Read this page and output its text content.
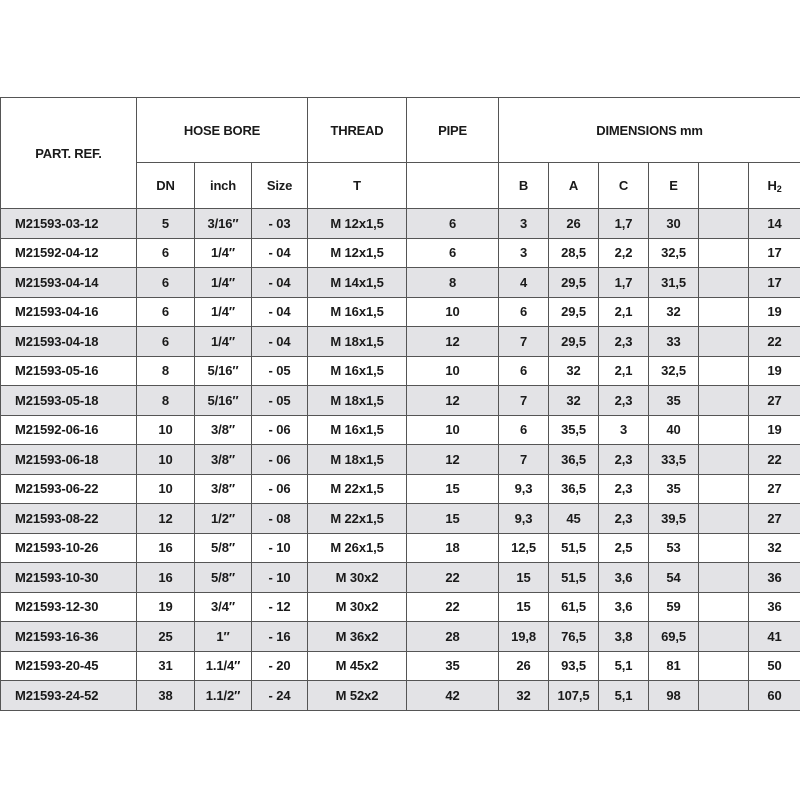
PART. REF.	HOSE BORE			THREAD	PIPE	DIMENSIONS mm					
	DN	inch	Size	T		B	A	C	E		$H_2$
M21593-03-12	5	3/16″	- 03	M 12x1,5	6	3	26	1,7	30		14
M21592-04-12	6	1/4″	- 04	M 12x1,5	6	3	28,5	2,2	32,5		17
M21593-04-14	6	1/4″	- 04	M 14x1,5	8	4	29,5	1,7	31,5		17
M21593-04-16	6	1/4″	- 04	M 16x1,5	10	6	29,5	2,1	32		19
M21593-04-18	6	1/4″	- 04	M 18x1,5	12	7	29,5	2,3	33		22
M21593-05-16	8	5/16″	- 05	M 16x1,5	10	6	32	2,1	32,5		19
M21593-05-18	8	5/16″	- 05	M 18x1,5	12	7	32	2,3	35		27
M21592-06-16	10	3/8″	- 06	M 16x1,5	10	6	35,5	3	40		19
M21593-06-18	10	3/8″	- 06	M 18x1,5	12	7	36,5	2,3	33,5		22
M21593-06-22	10	3/8″	- 06	M 22x1,5	15	9,3	36,5	2,3	35		27
M21593-08-22	12	1/2″	- 08	M 22x1,5	15	9,3	45	2,3	39,5		27
M21593-10-26	16	5/8″	- 10	M 26x1,5	18	12,5	51,5	2,5	53		32
M21593-10-30	16	5/8″	- 10	M 30x2	22	15	51,5	3,6	54		36
M21593-12-30	19	3/4″	- 12	M 30x2	22	15	61,5	3,6	59		36
M21593-16-36	25	1″	- 16	M 36x2	28	19,8	76,5	3,8	69,5		41
M21593-20-45	31	1.1/4″	- 20	M 45x2	35	26	93,5	5,1	81		50
M21593-24-52	38	1.1/2″	- 24	M 52x2	42	32	107,5	5,1	98		60
